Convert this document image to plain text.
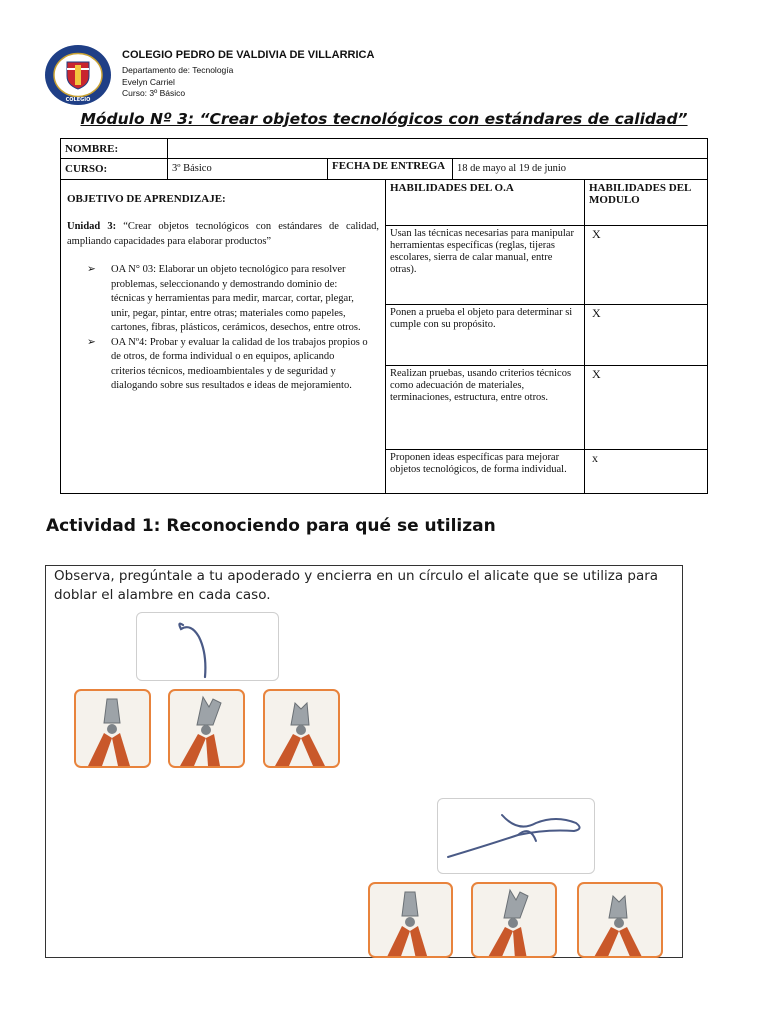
COLEGIO
COLEGIO PEDRO DE VALDIVIA DE VILLARRICA
Departamento de: Tecnología
Evelyn Carriel
Curso: 3º Básico
Módulo Nº 3: “Crear objetos tecnológicos con estándares de calidad”
NOMBRE:
CURSO:	3º Básico	FECHA DE ENTREGA	18 de mayo al 19 de junio
OBJETIVO DE APRENDIZAJE:
Unidad 3: “Crear objetos tecnológicos con estándares de calidad, ampliando capacidades para elaborar productos”
➢ OA N° 03: Elaborar un objeto tecnológico para resolver problemas, seleccionando y demostrando dominio de: técnicas y herramientas para medir, marcar, cortar, plegar, unir, pegar, pintar, entre otras; materiales como papeles, cartones, fibras, plásticos, cerámicos, desechos, entre otros.
➢ OA Nº4: Probar y evaluar la calidad de los trabajos propios o de otros, de forma individual o en equipos, aplicando criterios técnicos, medioambientales y de seguridad y dialogando sobre sus resultados e ideas de mejoramiento.
HABILIDADES DEL O.A	HABILIDADES DEL MODULO
Usan las técnicas necesarias para manipular herramientas específicas (reglas, tijeras escolares, sierra de calar manual, entre otras).
X
Ponen a prueba el objeto para determinar si cumple con su propósito.
X
Realizan pruebas, usando criterios técnicos como adecuación de materiales, terminaciones, estructura, entre otros.
X
Proponen ideas específicas para mejorar objetos tecnológicos, de forma individual.
x
Actividad 1: Reconociendo para qué se utilizan
Observa, pregúntale a tu apoderado y encierra en un círculo el alicate que se utiliza para doblar el alambre en cada caso.
